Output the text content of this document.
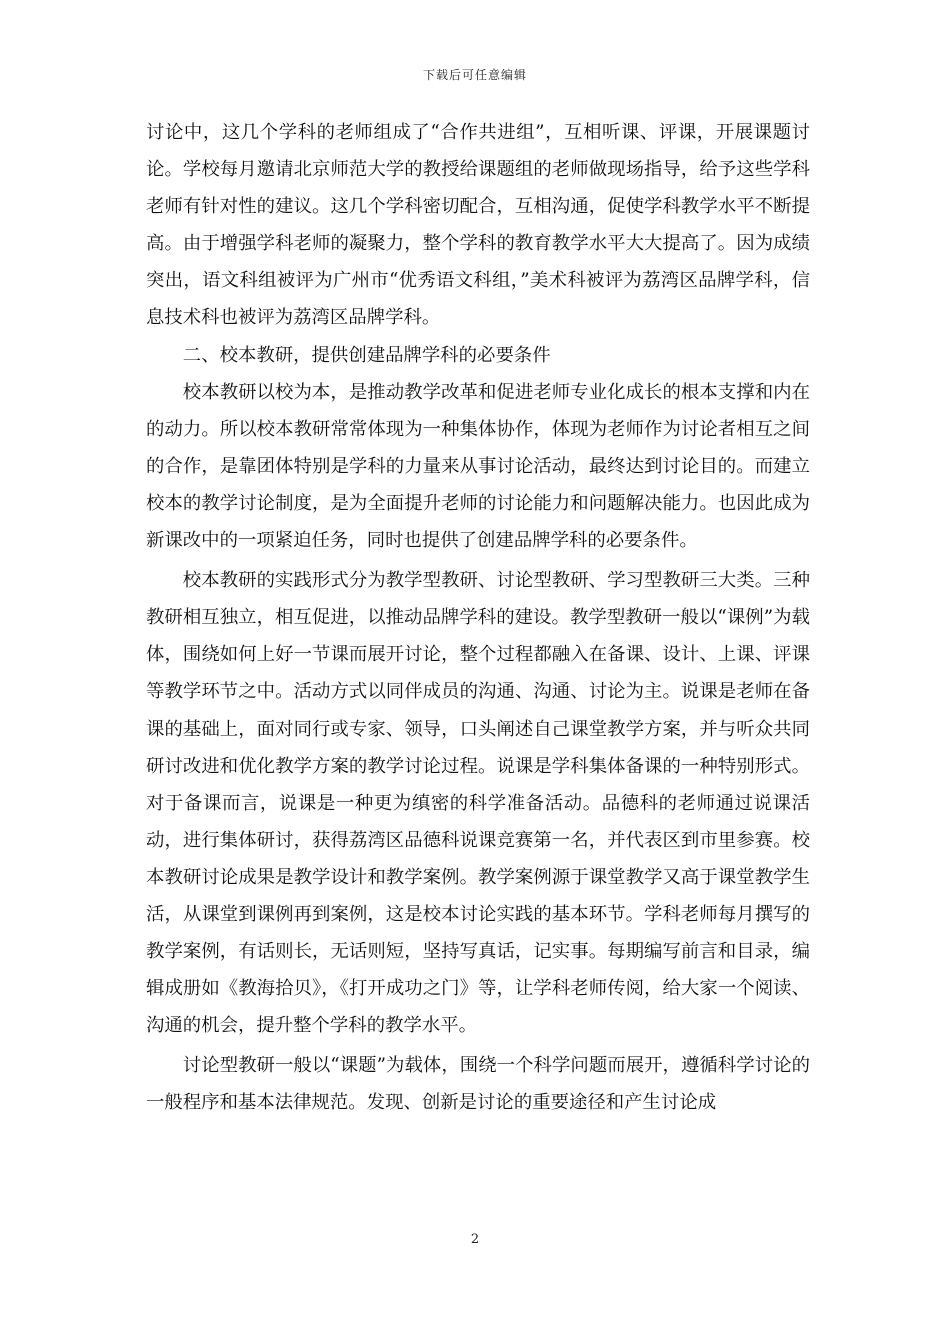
下载后可任意编辑

讨论中，这几个学科的老师组成了“合作共进组”，互相听课、评课，开展课题讨论。学校每月邀请北京师范大学的教授给课题组的老师做现场指导，给予这些学科老师有针对性的建议。这几个学科密切配合，互相沟通，促使学科教学水平不断提高。由于增强学科老师的凝聚力，整个学科的教育教学水平大大提高了。因为成绩突出，语文科组被评为广州市“优秀语文科组，”美术科被评为荔湾区品牌学科，信息技术科也被评为荔湾区品牌学科。

二、校本教研，提供创建品牌学科的必要条件

校本教研以校为本，是推动教学改革和促进老师专业化成长的根本支撑和内在的动力。所以校本教研常常体现为一种集体协作，体现为老师作为讨论者相互之间的合作，是靠团体特别是学科的力量来从事讨论活动，最终达到讨论目的。而建立校本的教学讨论制度，是为全面提升老师的讨论能力和问题解决能力。也因此成为新课改中的一项紧迫任务，同时也提供了创建品牌学科的必要条件。

校本教研的实践形式分为教学型教研、讨论型教研、学习型教研三大类。三种教研相互独立，相互促进，以推动品牌学科的建设。教学型教研一般以“课例”为载体，围绕如何上好一节课而展开讨论，整个过程都融入在备课、设计、上课、评课等教学环节之中。活动方式以同伴成员的沟通、沟通、讨论为主。说课是老师在备课的基础上，面对同行或专家、领导，口头阐述自己课堂教学方案，并与听众共同研讨改进和优化教学方案的教学讨论过程。说课是学科集体备课的一种特别形式。对于备课而言，说课是一种更为缜密的科学准备活动。品德科的老师通过说课活动，进行集体研讨，获得荔湾区品德科说课竞赛第一名，并代表区到市里参赛。校本教研讨论成果是教学设计和教学案例。教学案例源于课堂教学又高于课堂教学生活，从课堂到课例再到案例，这是校本讨论实践的基本环节。学科老师每月撰写的教学案例，有话则长，无话则短，坚持写真话，记实事。每期编写前言和目录，编辑成册如《教海拾贝》，《打开成功之门》等，让学科老师传阅，给大家一个阅读、沟通的机会，提升整个学科的教学水平。

讨论型教研一般以“课题”为载体，围绕一个科学问题而展开，遵循科学讨论的一般程序和基本法律规范。发现、创新是讨论的重要途径和产生讨论成

2
